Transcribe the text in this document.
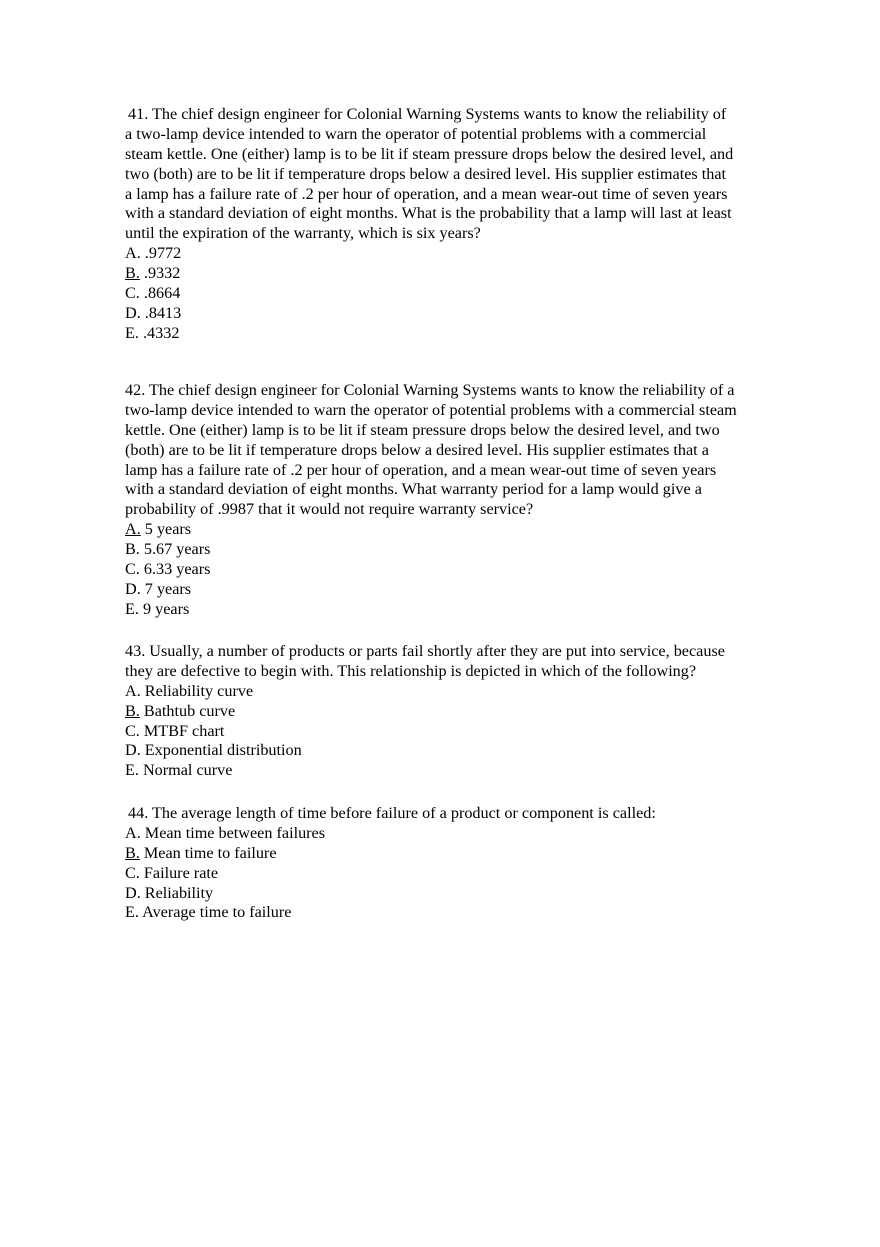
41. The chief design engineer for Colonial Warning Systems wants to know the reliability of
a two-lamp device intended to warn the operator of potential problems with a commercial
steam kettle. One (either) lamp is to be lit if steam pressure drops below the desired level, and
two (both) are to be lit if temperature drops below a desired level. His supplier estimates that
a lamp has a failure rate of .2 per hour of operation, and a mean wear-out time of seven years
with a standard deviation of eight months. What is the probability that a lamp will last at least
until the expiration of the warranty, which is six years?
A. .9772
B. .9332
C. .8664
D. .8413
E. .4332
42. The chief design engineer for Colonial Warning Systems wants to know the reliability of a
two-lamp device intended to warn the operator of potential problems with a commercial steam
kettle. One (either) lamp is to be lit if steam pressure drops below the desired level, and two
(both) are to be lit if temperature drops below a desired level. His supplier estimates that a
lamp has a failure rate of .2 per hour of operation, and a mean wear-out time of seven years
with a standard deviation of eight months. What warranty period for a lamp would give a
probability of .9987 that it would not require warranty service?
A. 5 years
B. 5.67 years
C. 6.33 years
D. 7 years
E. 9 years
43. Usually, a number of products or parts fail shortly after they are put into service, because
they are defective to begin with. This relationship is depicted in which of the following?
A. Reliability curve
B. Bathtub curve
C. MTBF chart
D. Exponential distribution
E. Normal curve
44. The average length of time before failure of a product or component is called:
A. Mean time between failures
B. Mean time to failure
C. Failure rate
D. Reliability
E. Average time to failure
